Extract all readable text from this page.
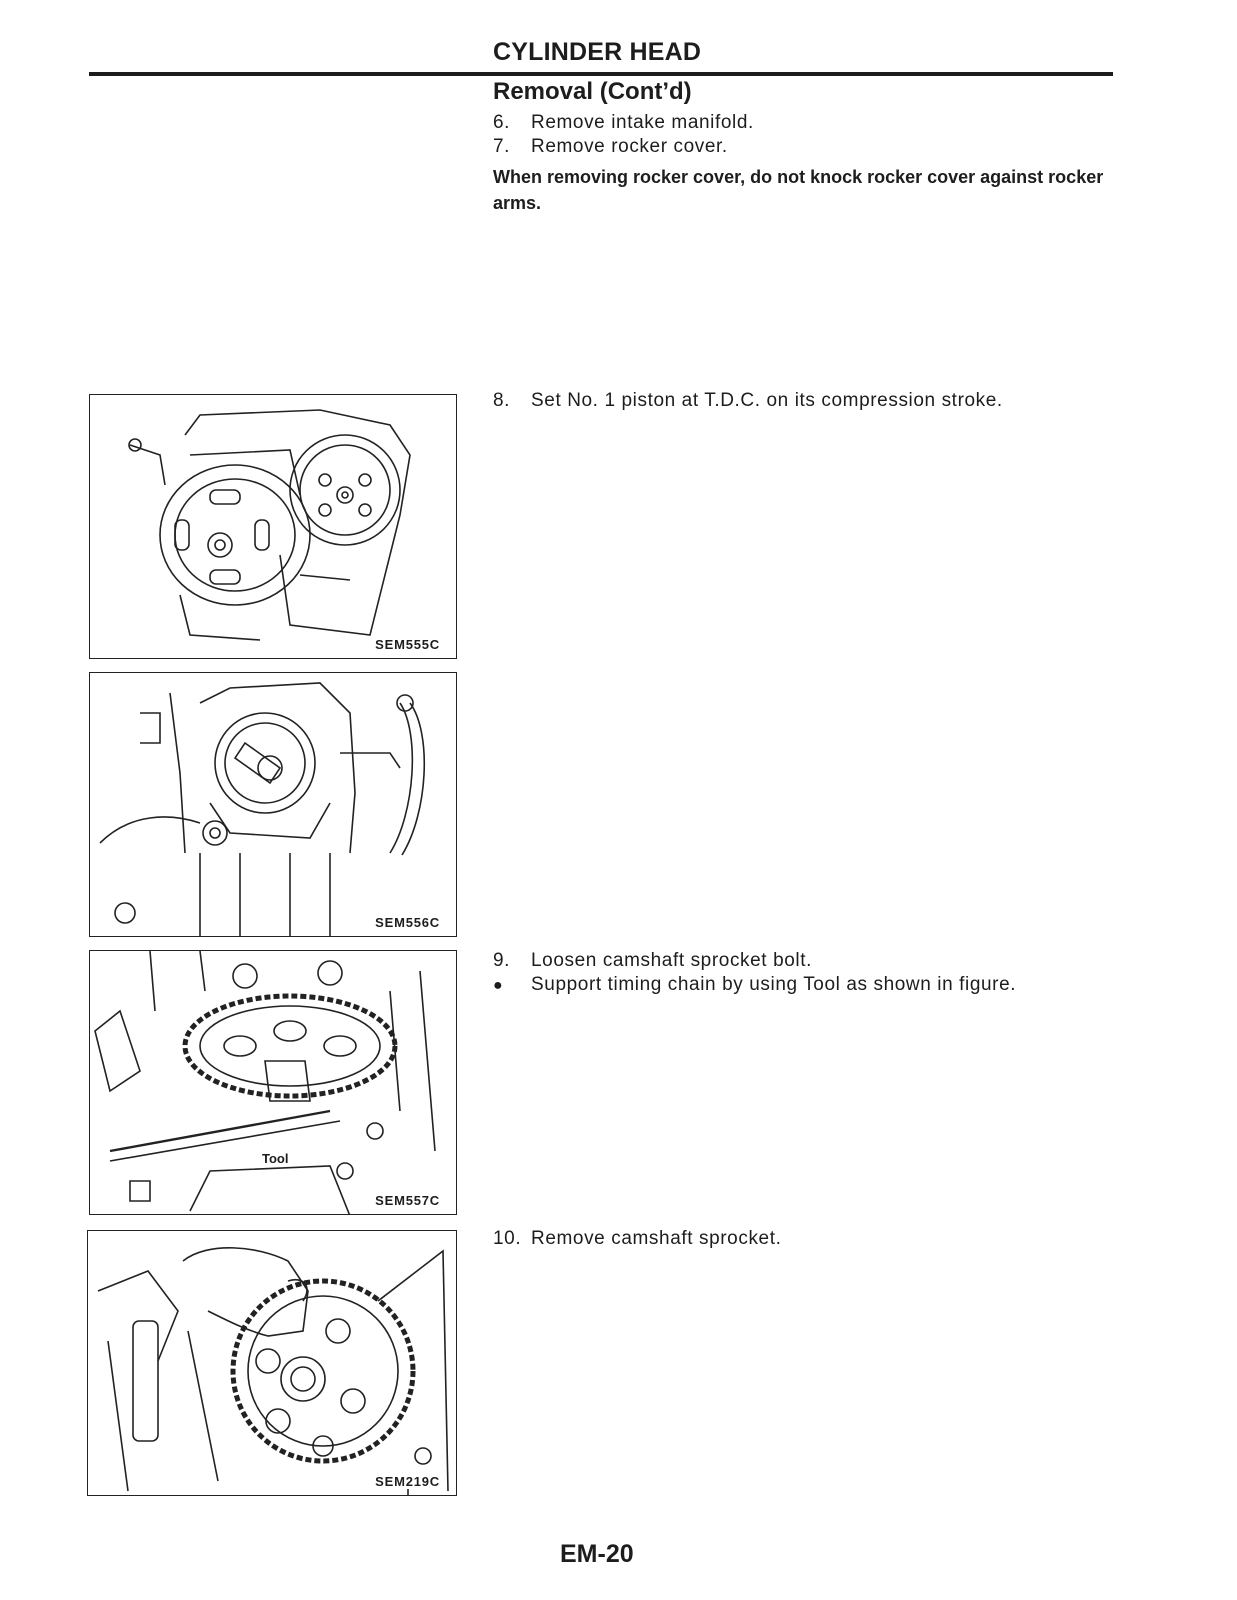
CYLINDER HEAD
Removal (Cont’d)
6. Remove intake manifold.
7. Remove rocker cover.
When removing rocker cover, do not knock rocker cover against rocker arms.
8. Set No. 1 piston at T.D.C. on its compression stroke.
9. Loosen camshaft sprocket bolt.
● Support timing chain by using Tool as shown in figure.
10. Remove camshaft sprocket.
SEM555C
SEM556C
Tool
SEM557C
SEM219C
EM-20
